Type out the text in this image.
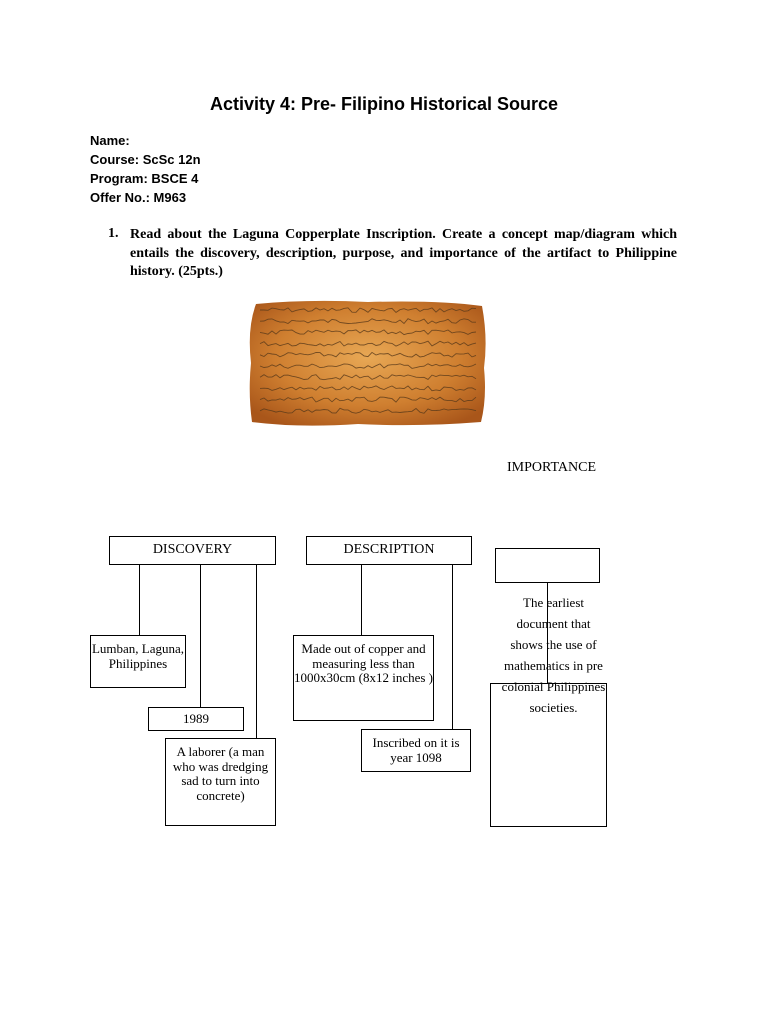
Activity 4: Pre- Filipino Historical Source
Name:
Course: ScSc 12n
Program: BSCE 4
Offer No.: M963
1. Read about the Laguna Copperplate Inscription. Create a concept map/diagram which entails the discovery, description, purpose, and importance of the artifact to Philippine history. (25pts.)
IMPORTANCE
DISCOVERY
Lumban, Laguna, Philippines
1989
A laborer (a man who was dredging sad to turn into concrete)
DESCRIPTION
Made out of copper and measuring less than 1000x30cm (8x12 inches )
Inscribed on it is year 1098
The earliest
document that
shows the use of
mathematics in pre
colonial Philippines
societies.
